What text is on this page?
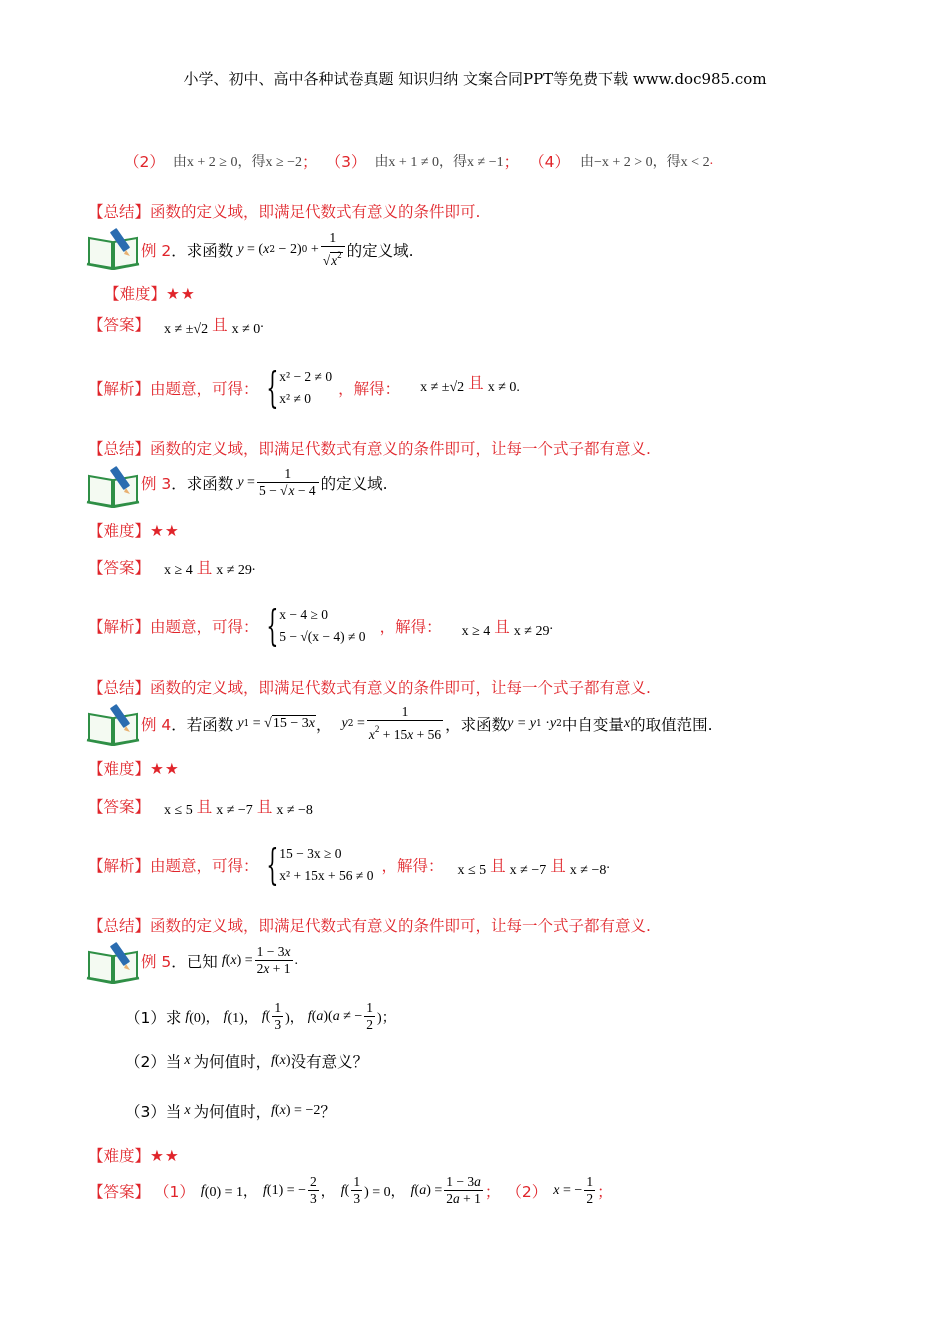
小学、初中、高中各种试卷真题 知识归纳 文案合同PPT等免费下载 www.doc985.com
（2） 由x + 2 ≥ 0，得x ≥ −2 ； （3） 由x + 1 ≠ 0，得x ≠ −1 ； （4） 由−x + 2 > 0，得x < 2 .
【总结】函数的定义域，即满足代数式有意义的条件即可.
例 2 ．求函数 y = ( x 2 − 2) $0 + \frac{1}{√x^2}$ 的定义域.
【难度】★★
【答案】 x ≠ ±√2 且 x ≠ 0 .
【解析】 由题意，可得： { x² − 2 ≠ 0
x² ≠ 0
，解得： x ≠ ±√2 且 x ≠ 0 .
【总结】函数的定义域，即满足代数式有意义的条件即可，让每一个式子都有意义.
例 3 ．求函数 $y = \frac{1}{5 - √x - 4}$ 的定义域.
【难度】★★
【答案】 x ≥ 4 且 x ≠ 29 .
【解析】 由题意，可得： { x − 4 ≥ 0
5 − √(x − 4) ≠ 0
，解得： x ≥ 4 且 x ≠ 29 .
【总结】函数的定义域，即满足代数式有意义的条件即可，让每一个式子都有意义.
例 4 ．若函数 y 1 = √ 15 − 3x ， y $2 = \frac{1}{x^2 + 15x + 56}$ ，求函数 y = y 1 · y 2 中自变量 x 的取值范围.
【难度】★★
【答案】 x ≤ 5 且 x ≠ −7 且 x ≠ −8
【解析】 由题意，可得： { 15 − 3x ≥ 0
x² + 15x + 56 ≠ 0
，解得： x ≤ 5 且 x ≠ −7 且 x ≠ −8 .
【总结】函数的定义域，即满足代数式有意义的条件即可，让每一个式子都有意义.
例 5 ．已知 f ( x ) = $\frac{1 - 3x}{2x + 1}$ .
（1）求 f (0)， f (1)， f ( $\frac{1}{3}$ )， f ( a )( a ≠ − $\frac{1}{2}$ )；
（2）当 x 为何值时， f ( x ) 没有意义？
（3）当 x 为何值时， f ( x ) = −2 ？
【难度】★★
【答案】 （1） f (0) = 1， f (1) = − $\frac{2}{3}$ ， f ( $\frac{1}{3}$ ) = 0， f ( a ) = $\frac{1 - 3a}{2a + 1}$ ； （2） x = − $\frac{1}{2}$ ；
